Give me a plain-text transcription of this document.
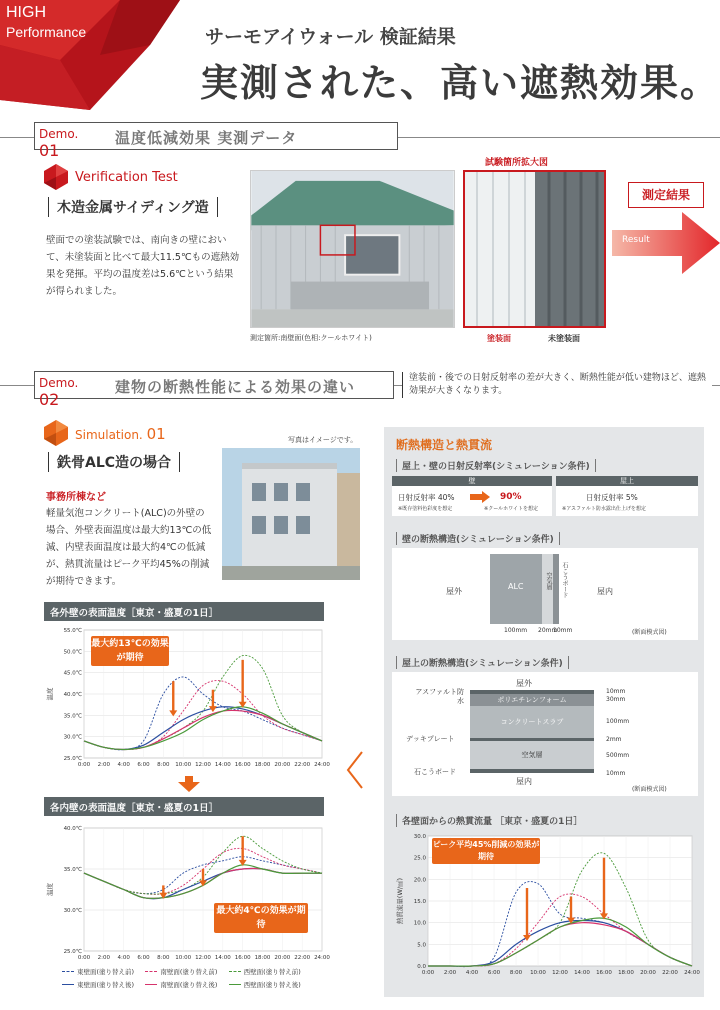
HIGH
Performance	サーモアイウォール 検証結果
実測された、高い遮熱効果。
Demo. 01
温度低減効果 実測データ
Verification Test
木造金属サイディング造
壁面での塗装試験では、南向きの壁において、未塗装面と比べて最大11.5℃もの遮熱効果を発揮。平均の温度差は5.6℃という結果が得られました。
測定箇所:南壁面(色相:クールホワイト)
試験箇所拡大図
塗装面	未塗装面
測定結果
Result
Demo. 02
建物の断熱性能による効果の違い	塗装前・後での日射反射率の差が大きく、断熱性能が低い建物ほど、遮熱効果が大きくなります。
Simulation. 01
鉄骨ALC造の場合
写真はイメージです。
事務所棟など
軽量気泡コンクリート(ALC)の外壁の場合、外壁表面温度は最大約13℃の低減、内壁表面温度は最大約4℃の低減が、熱貫流量はピーク平均45%の削減が期待できます。
各外壁の表面温度［東京・盛夏の1日］
55.0℃
50.0℃
45.0℃
40.0℃
35.0℃
30.0℃
25.0℃
0:00 2:00 4:00 6:00 8:00 10:00 12:00 14:00 16:00 18:00 20:00 22:00 24:00
温度
最大約13℃の効果が期待
各内壁の表面温度［東京・盛夏の1日］
40.0℃
35.0℃
30.0℃
25.0℃
0:00 2:00 4:00 6:00 8:00 10:00 12:00 14:00 16:00 18:00 20:00 22:00 24:00
温度
最大約4℃の効果が期待
東壁面(塗り替え前)	南壁面(塗り替え前)	西壁面(塗り替え前)
東壁面(塗り替え後)	南壁面(塗り替え後)	西壁面(塗り替え後)
断熱構造と熱貫流
屋上・壁の日射反射率(シミュレーション条件)
壁
日射反射率 40%	90%
※既存塗料色彩度を想定	※クールホワイトを想定
屋上
日射反射率 5%
※アスファルト防水露出仕上げを想定
壁の断熱構造(シミュレーション条件)
屋外
ALC	空気層 石こうボード	屋内
100mm 20mm
10mm	(断面模式図)
屋上の断熱構造(シミュレーション条件)
屋外
ポリエチレンフォーム
コンクリートスラブ
空気層
屋内
アスファルト防水
デッキプレート
石こうボード
10mm
30mm
100mm
2mm
500mm
10mm
(断面模式図)
各壁面からの熱貫流量 ［東京・盛夏の1日］
30.0
25.0
20.0
15.0
10.0
5.0
0.0
0:00 2:00 4:00 6:00 8:00 10:00 12:00 14:00 16:00 18:00 20:00 22:00 24:00
熱貫流量(W/㎡)
ピーク平均45%削減の効果が期待
